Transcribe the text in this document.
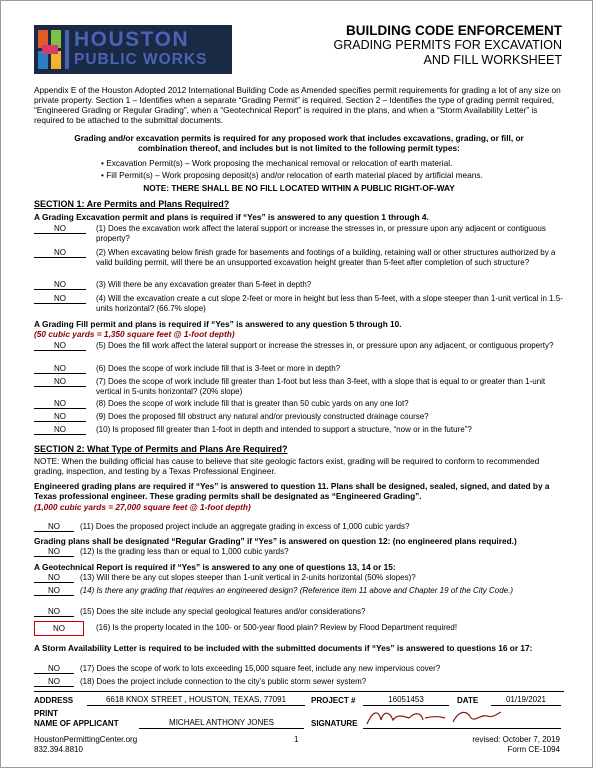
HOUSTON
PUBLIC WORKS
BUILDING CODE ENFORCEMENT
GRADING PERMITS FOR EXCAVATION
AND FILL WORKSHEET
Appendix E of the Houston Adopted 2012 International Building Code as Amended specifies permit requirements for grading a lot of any size on private property. Section 1 – Identifies when a separate “Grading Permit” is required. Section 2 – Identifies the type of grading permit required, “Engineered Grading or Regular Grading”, when a “Geotechnical Report” is required in the plans, and when a “Storm Availability Letter” is required to be attached to the submittal documents.
Grading and/or excavation permits is required for any proposed work that includes excavations, grading, or fill, or combination thereof, and includes but is not limited to the following permit types:
• Excavation Permit(s) – Work proposing the mechanical removal or relocation of earth material.
• Fill Permit(s) – Work proposing deposit(s) and/or relocation of earth material placed by artificial means.
NOTE: THERE SHALL BE NO FILL LOCATED WITHIN A PUBLIC RIGHT-OF-WAY
SECTION 1: Are Permits and Plans Required?
A Grading Excavation permit and plans is required if “Yes” is answered to any question 1 through 4.
NO	(1) Does the excavation work affect the lateral support or increase the stresses in, or pressure upon any adjacent or contiguous property?
NO	(2) When excavating below finish grade for basements and footings of a building, retaining wall or other structures authorized by a valid building permit, will there be an unsupported excavation height greater than 5-feet after completion of such structure?
NO	(3) Will there be any excavation greater than 5-feet in depth?
NO	(4) Will the excavation create a cut slope 2-feet or more in height but less than 5-feet, with a slope steeper than 1-unit vertical in 1.5-units horizontal? (66.7% slope)
A Grading Fill permit and plans is required if “Yes” is answered to any question 5 through 10.
(50 cubic yards = 1,350 square feet @ 1-foot depth)
NO	(5) Does the fill work affect the lateral support or increase the stresses in, or pressure upon any adjacent, or contiguous property?
NO	(6) Does the scope of work include fill that is 3-feet or more in depth?
NO	(7) Does the scope of work include fill greater than 1-foot but less than 3-feet, with a slope that is equal to or greater than 1-unit vertical in 5-units horizontal? (20% slope)
NO	(8) Does the scope of work include fill that is greater than 50 cubic yards on any one lot?
NO	(9) Does the proposed fill obstruct any natural and/or previously constructed drainage course?
NO	(10) Is proposed fill greater than 1-foot in depth and intended to support a structure, “now or in the future”?
SECTION 2: What Type of Permits and Plans Are Required?
NOTE: When the building official has cause to believe that site geologic factors exist, grading will be required to conform to recommended grading, inspection, and testing by a Texas Professional Engineer.
Engineered grading plans are required if “Yes” is answered to question 11. Plans shall be designed, sealed, signed, and dated by a Texas professional engineer. These grading permits shall be designated as “Engineered Grading”.
(1,000 cubic yards = 27,000 square feet @ 1-foot depth)
NO	(11) Does the proposed project include an aggregate grading in excess of 1,000 cubic yards?
Grading plans shall be designated “Regular Grading” if “Yes” is answered on question 12: (no engineered plans required.)
NO	(12) Is the grading less than or equal to 1,000 cubic yards?
A Geotechnical Report is required if “Yes” is answered to any one of questions 13, 14 or 15:
NO	(13) Will there be any cut slopes steeper than 1-unit vertical in 2-units horizontal (50% slopes)?
NO	(14) Is there any grading that requires an engineered design? (Reference item 11 above and Chapter 19 of the City Code.)
NO	(15) Does the site include any special geological features and/or considerations?
NO	(16) Is the property located in the 100- or 500-year flood plain? Review by Flood Department required!
A Storm Availability Letter is required to be included with the submitted documents if “Yes” is answered to questions 16 or 17:
NO	(17) Does the scope of work to lots exceeding 15,000 square feet, include any new impervious cover?
NO	(18) Does the project include connection to the city’s public storm sewer system?
ADDRESS	6618 KNOX STREET , HOUSTON, TEXAS, 77091	PROJECT #	16051453	DATE	01/19/2021
PRINT
NAME OF APPLICANT	MICHAEL ANTHONY JONES	SIGNATURE
HoustonPermittingCenter.org
832.394.8810
1	revised: October 7, 2019
Form CE-1094
